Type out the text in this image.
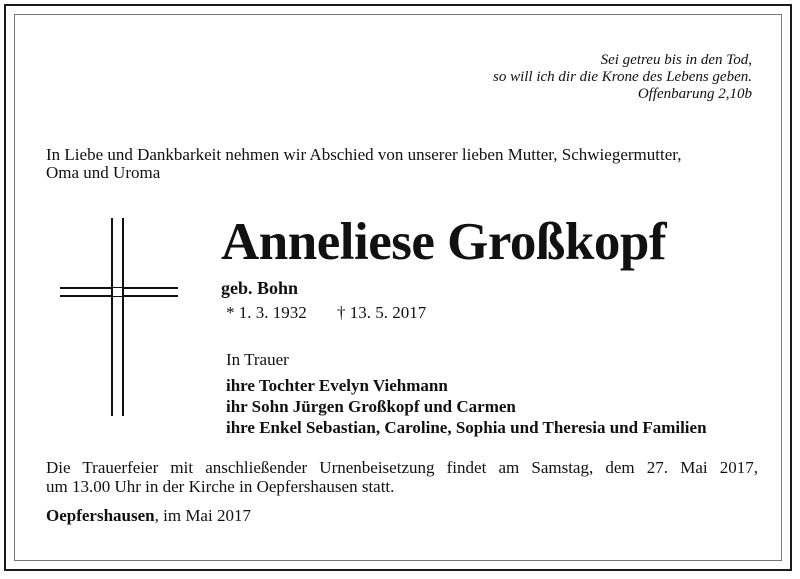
Sei getreu bis in den Tod,
so will ich dir die Krone des Lebens geben.
Offenbarung 2,10b
In Liebe und Dankbarkeit nehmen wir Abschied von unserer lieben Mutter, Schwiegermutter,
Oma und Uroma
Anneliese Großkopf
geb. Bohn
* 1. 3. 1932 † 13. 5. 2017
In Trauer
ihre Tochter Evelyn Viehmann
ihr Sohn Jürgen Großkopf und Carmen
ihre Enkel Sebastian, Caroline, Sophia und Theresia und Familien
Die Trauerfeier mit anschließender Urnenbeisetzung findet am Samstag, dem 27. Mai 2017,
um 13.00 Uhr in der Kirche in Oepfershausen statt.
Oepfershausen, im Mai 2017
